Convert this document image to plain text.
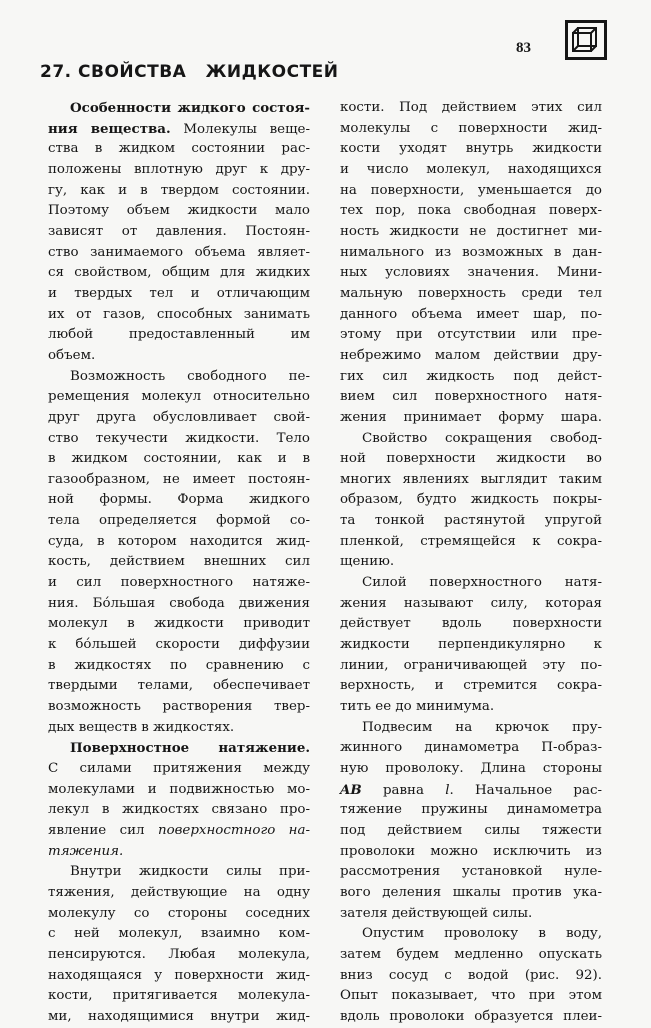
83
27. СВОЙСТВА   ЖИДКОСТЕЙ
Особенности жидкого состоя-
ния вещества. Молекулы веще-
ства в жидком состоянии рас-
положены вплотную друг к дру-
гу, как и в твердом состоянии.
Поэтому объем жидкости мало
зависят от давления. Постоян-
ство занимаемого объема являет-
ся свойством, общим для жидких
и твердых тел и отличающим
их от газов, способных занимать
любой предоставленный им
объем.
Возможность свободного пе-
ремещения молекул относительно
друг друга обусловливает свой-
ство текучести жидкости. Тело
в жидком состоянии, как и в
газообразном, не имеет постоян-
ной формы. Форма жидкого
тела определяется формой со-
суда, в котором находится жид-
кость, действием внешних сил
и сил поверхностного натяже-
ния. Бо́льшая свобода движения
молекул в жидкости приводит
к бо́льшей скорости диффузии
в жидкостях по сравнению с
твердыми телами, обеспечивает
возможность растворения твер-
дых веществ в жидкостях.
Поверхностное натяжение.
С силами притяжения между
молекулами и подвижностью мо-
лекул в жидкостях связано про-
явление сил поверхностного на-
тяжения.
Внутри жидкости силы при-
тяжения, действующие на одну
молекулу со стороны соседних
с ней молекул, взаимно ком-
пенсируются. Любая молекула,
находящаяся у поверхности жид-
кости, притягивается молекула-
ми, находящимися внутри жид-
кости. Под действием этих сил
молекулы с поверхности жид-
кости уходят внутрь жидкости
и число молекул, находящихся
на поверхности, уменьшается до
тех пор, пока свободная поверх-
ность жидкости не достигнет ми-
нимального из возможных в дан-
ных условиях значения. Мини-
мальную поверхность среди тел
данного объема имеет шар, по-
этому при отсутствии или пре-
небрежимо малом действии дру-
гих сил жидкость под дейст-
вием сил поверхностного натя-
жения принимает форму шара.
Свойство сокращения свобод-
ной поверхности жидкости во
многих явлениях выглядит таким
образом, будто жидкость покры-
та тонкой растянутой упругой
пленкой, стремящейся к сокра-
щению.
Силой поверхностного натя-
жения называют силу, которая
действует вдоль поверхности
жидкости перпендикулярно к
линии, ограничивающей эту по-
верхность, и стремится сокра-
тить ее до минимума.
Подвесим на крючок пру-
жинного динамометра П-образ-
ную проволоку. Длина стороны
AB равна l. Начальное рас-
тяжение пружины динамометра
под действием силы тяжести
проволоки можно исключить из
рассмотрения установкой нуле-
вого деления шкалы против ука-
зателя действующей силы.
Опустим проволоку в воду,
затем будем медленно опускать
вниз сосуд с водой (рис. 92).
Опыт показывает, что при этом
вдоль проволоки образуется плеи-
